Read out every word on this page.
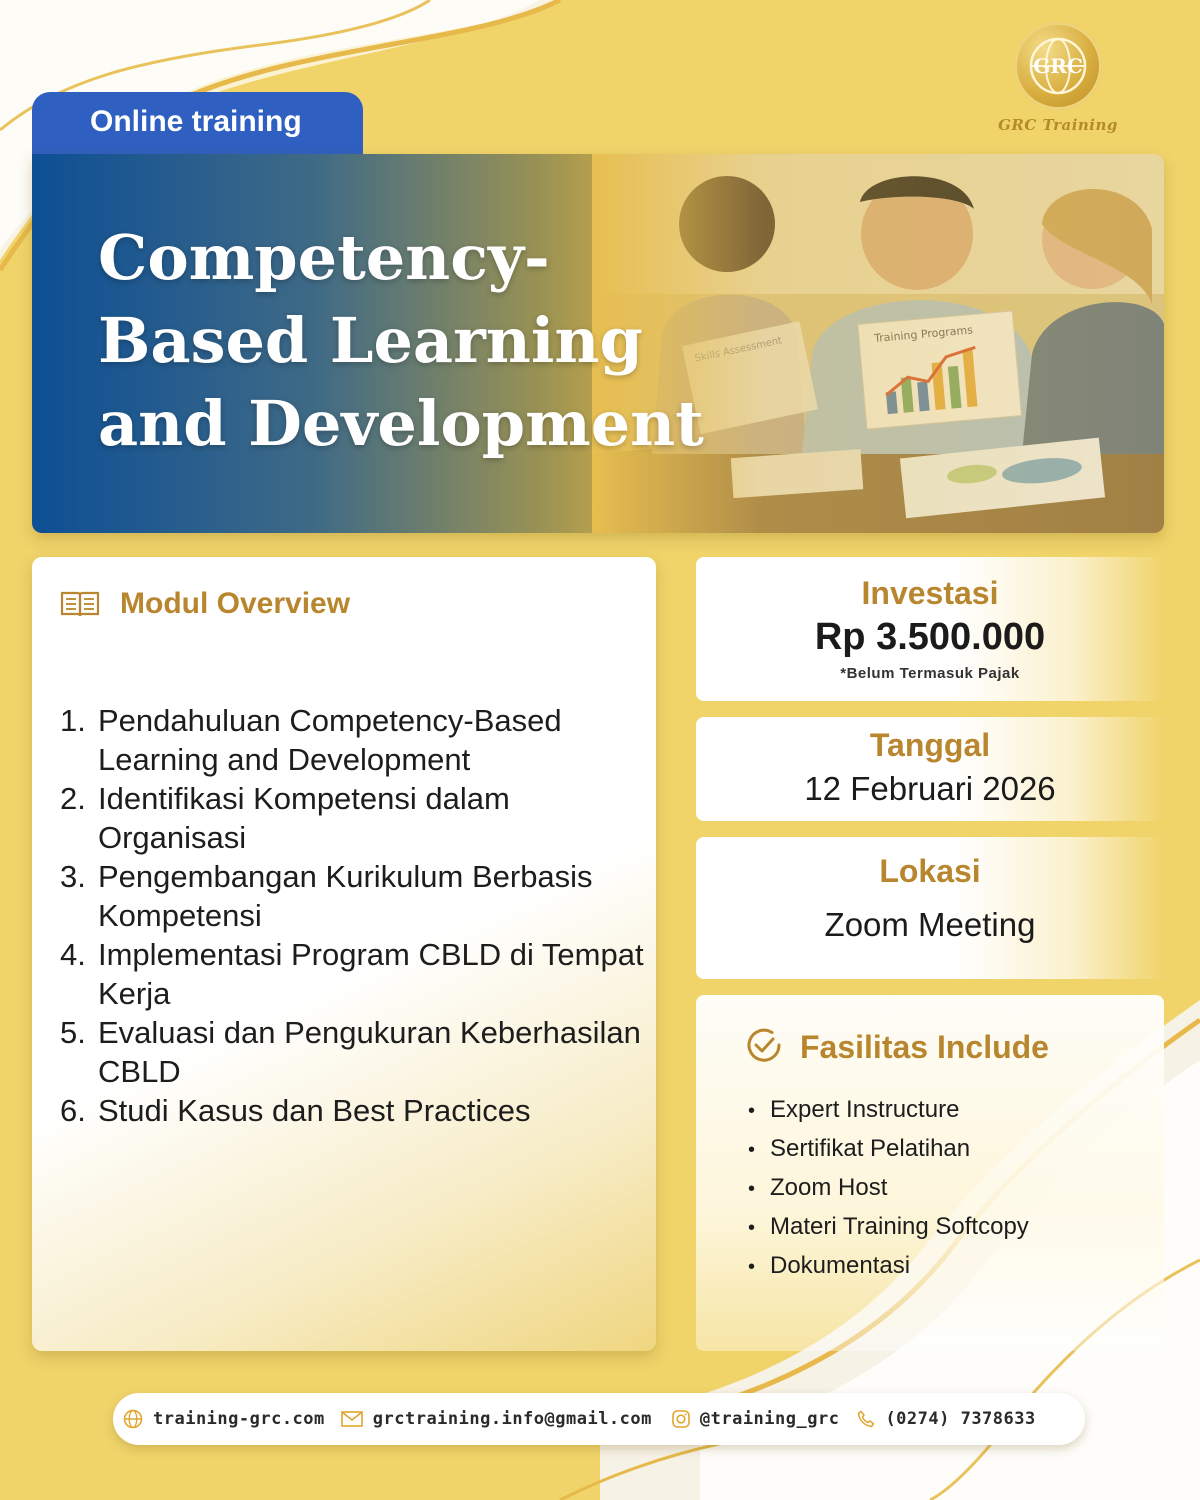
GRC
GRC Training
Online training
Competency-
Based Learning
and Development
Modul Overview
1. Pendahuluan Competency-Based Learning and Development
2. Identifikasi Kompetensi dalam Organisasi
3. Pengembangan Kurikulum Berbasis Kompetensi
4. Implementasi Program CBLD di Tempat Kerja
5. Evaluasi dan Pengukuran Keberhasilan CBLD
6. Studi Kasus dan Best Practices
Investasi
Rp 3.500.000
*Belum Termasuk Pajak
Tanggal
12 Februari 2026
Lokasi
Zoom Meeting
Fasilitas Include
• Expert Instructure
• Sertifikat Pelatihan
• Zoom Host
• Materi Training Softcopy
• Dokumentasi
training-grc.com	grctraining.info@gmail.com	@training_grc	(0274) 7378633
